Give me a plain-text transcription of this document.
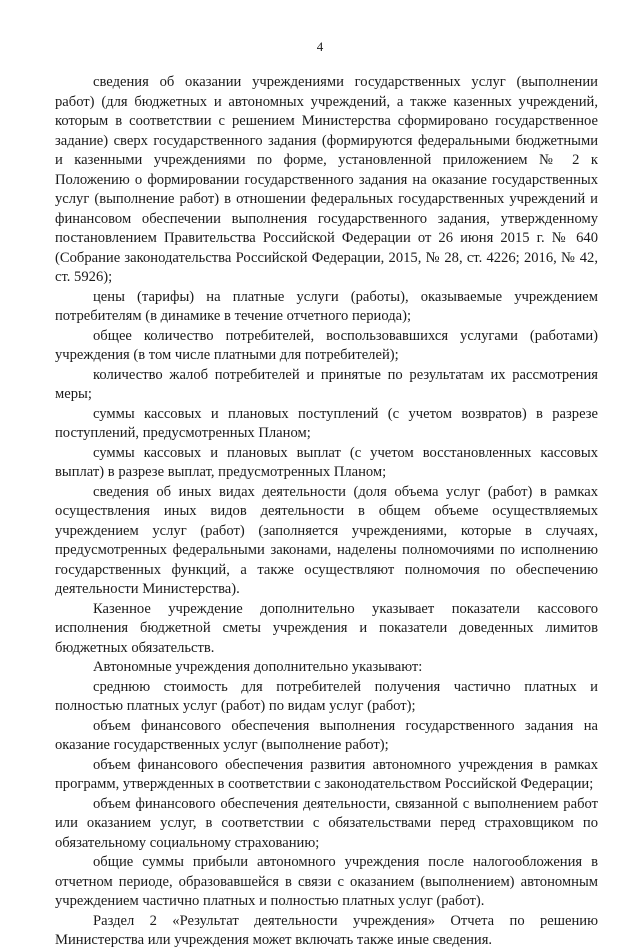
4

сведения об оказании учреждениями государственных услуг (выполнении работ) (для бюджетных и автономных учреждений, а также казенных учреждений, которым в соответствии с решением Министерства сформировано государственное задание) сверх государственного задания (формируются федеральными бюджетными и казенными учреждениями по форме, установленной приложением № 2 к Положению о формировании государственного задания на оказание государственных услуг (выполнение работ) в отношении федеральных государственных учреждений и финансовом обеспечении выполнения государственного задания, утвержденному постановлением Правительства Российской Федерации от 26 июня 2015 г. № 640 (Собрание законодательства Российской Федерации, 2015, № 28, ст. 4226; 2016, № 42, ст. 5926);

цены (тарифы) на платные услуги (работы), оказываемые учреждением потребителям (в динамике в течение отчетного периода);

общее количество потребителей, воспользовавшихся услугами (работами) учреждения (в том числе платными для потребителей);

количество жалоб потребителей и принятые по результатам их рассмотрения меры;

суммы кассовых и плановых поступлений (с учетом возвратов) в разрезе поступлений, предусмотренных Планом;

суммы кассовых и плановых выплат (с учетом восстановленных кассовых выплат) в разрезе выплат, предусмотренных Планом;

сведения об иных видах деятельности (доля объема услуг (работ) в рамках осуществления иных видов деятельности в общем объеме осуществляемых учреждением услуг (работ) (заполняется учреждениями, которые в случаях, предусмотренных федеральными законами, наделены полномочиями по исполнению государственных функций, а также осуществляют полномочия по обеспечению деятельности Министерства).

Казенное учреждение дополнительно указывает показатели кассового исполнения бюджетной сметы учреждения и показатели доведенных лимитов бюджетных обязательств.

Автономные учреждения дополнительно указывают:

среднюю стоимость для потребителей получения частично платных и полностью платных услуг (работ) по видам услуг (работ);

объем финансового обеспечения выполнения государственного задания на оказание государственных услуг (выполнение работ);

объем финансового обеспечения развития автономного учреждения в рамках программ, утвержденных в соответствии с законодательством Российской Федерации;

объем финансового обеспечения деятельности, связанной с выполнением работ или оказанием услуг, в соответствии с обязательствами перед страховщиком по обязательному социальному страхованию;

общие суммы прибыли автономного учреждения после налогообложения в отчетном периоде, образовавшейся в связи с оказанием (выполнением) автономным учреждением частично платных и полностью платных услуг (работ).

Раздел 2 «Результат деятельности учреждения» Отчета по решению Министерства или учреждения может включать также иные сведения.
